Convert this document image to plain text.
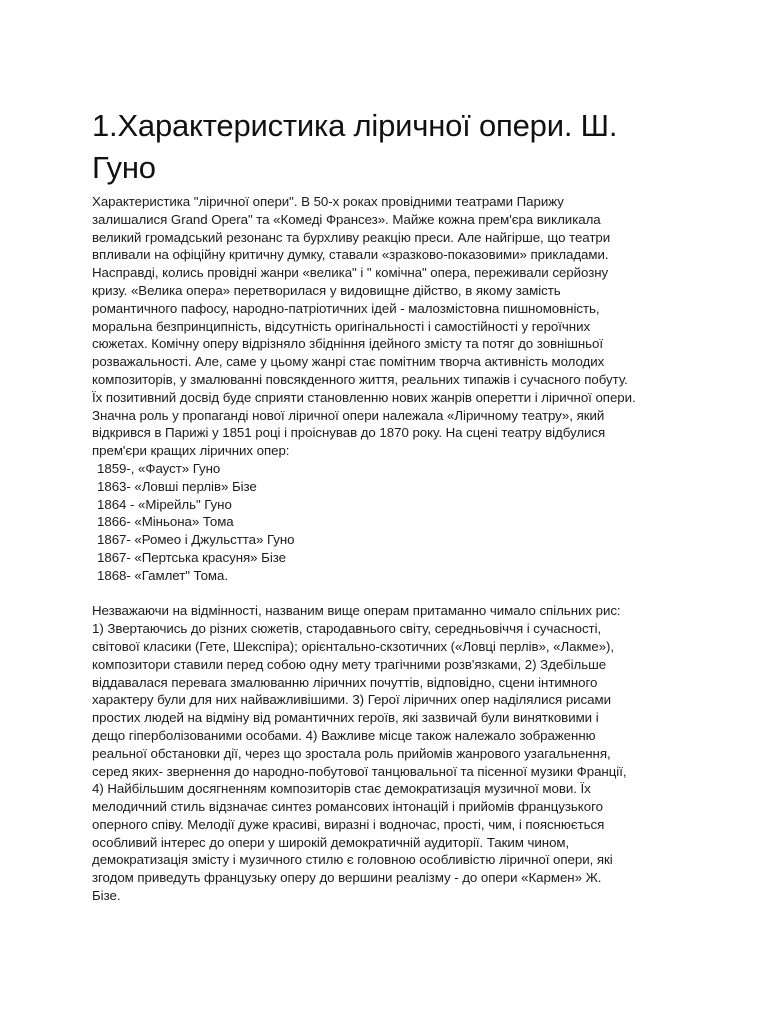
1.Характеристика ліричної опери. Ш.
Гуно
Характеристика "ліричної опери". В 50-х роках провідними театрами Парижу
залишалися Grand Opera" та «Комеді Франсез». Майже кожна прем'єра викликала
великий громадський резонанс та бурхливу реакцію преси. Але найгірше, що театри
впливали на офіційну критичну думку, ставали «зразково-показовими» прикладами.
Насправді, колись провідні жанри «велика" і " комічна" опера, переживали серйозну
кризу. «Велика опера» перетворилася у видовищне дійство, в якому замість
романтичного пафосу, народно-патріотичних ідей - малозмістовна пишномовність,
моральна безпринципність, відсутність оригінальності і самостійності у героїчних
сюжетах. Комічну оперу відрізняло збідніння ідейного змісту та потяг до зовнішньої
розважальності. Але, саме у цьому жанрі стає помітним творча активність молодих
композиторів, у змалюванні повсякденного життя, реальних типажів і сучасного побуту.
Їх позитивний досвід буде сприяти становленню нових жанрів оперетти і ліричної опери.
Значна роль у пропаганді нової ліричної опери належала «Ліричному театру», який
відкрився в Парижі у 1851 році і проіснував до 1870 року. На сцені театру відбулися
прем'єри кращих ліричних опер:
1859-, «Фауст» Гуно
1863- «Ловші перлів» Бізе
1864 - «Мірейль" Гуно
1866- «Міньона» Тома
1867- «Ромео і Джульстта» Гуно
1867- «Пертська красуня» Бізе
1868- «Гамлет" Тома.
Незважаючи на відмінності, названим вище операм притаманно чимало спільних рис:
1) Звертаючись до різних сюжетів, стародавнього світу, середньовіччя і сучасності,
світової класики (Гете, Шекспіра); орієнтально-скзотичних («Ловці перлів», «Лакме»),
композитори ставили перед собою одну мету трагічними розв'язками, 2) Здебільше
віддавалася перевага змалюванню ліричних почуттів, відповідно, сцени інтимного
характеру були для них найважливішими. 3) Герої ліричних опер наділялися рисами
простих людей на відміну від романтичних героїв, які зазвичай були винятковими і
дещо гіперболізованими особами. 4) Важливе місце також належало зображенню
реальної обстановки дії, через що зростала роль прийомів жанрового узагальнення,
серед яких- звернення до народно-побутової танцювальної та пісенної музики Франції,
4) Найбільшим досягненням композиторів стає демократизація музичної мови. Їх
мелодичний стиль відзначає синтез романсових інтонацій і прийомів французького
оперного співу. Мелодії дуже красиві, виразні і водночас, прості, чим, і пояснюється
особливий інтерес до опери у широкій демократичній аудиторії. Таким чином,
демократизація змісту і музичного стилю є головною особливістю ліричної опери, які
згодом приведуть французьку оперу до вершини реалізму - до опери «Кармен» Ж.
Бізе.
